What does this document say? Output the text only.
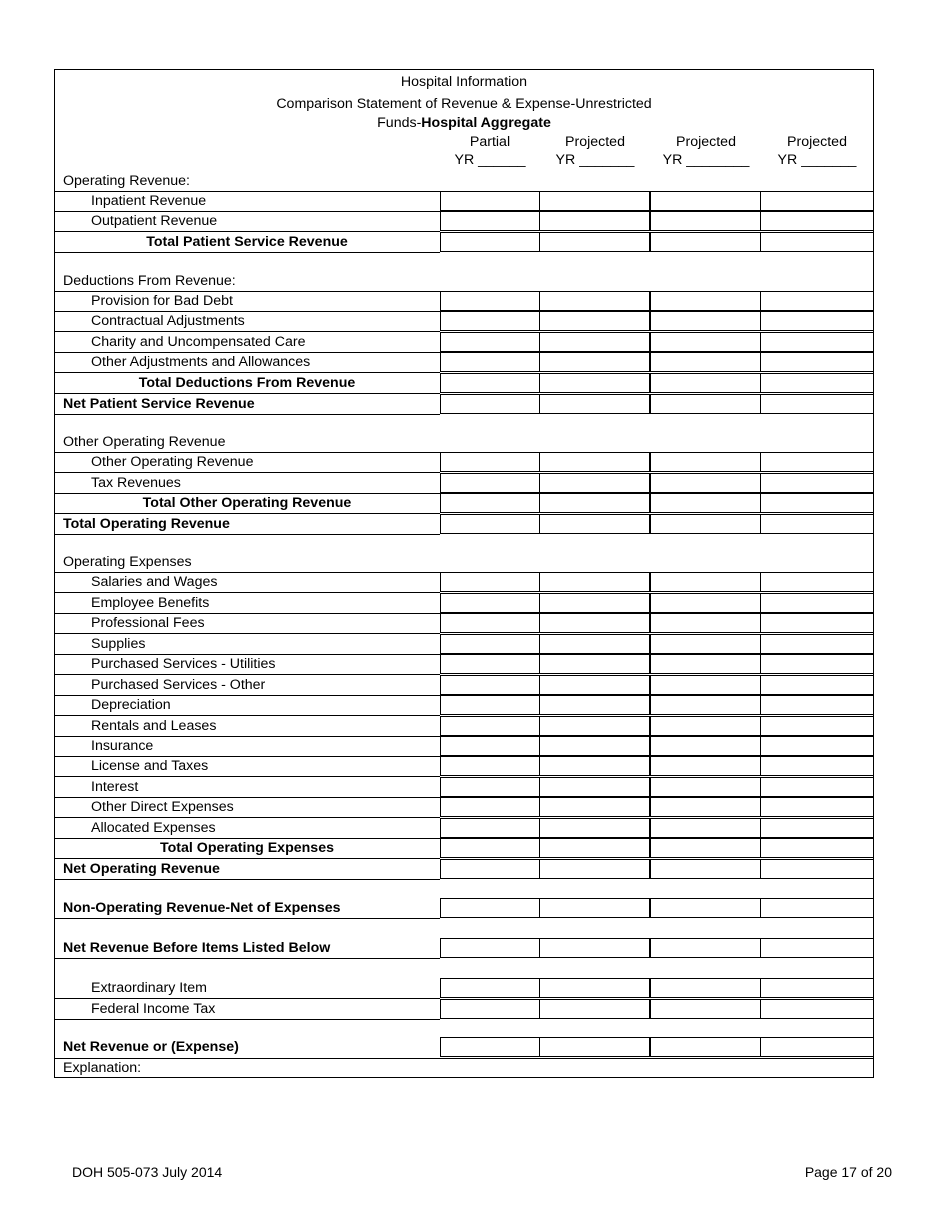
Hospital Information
Comparison Statement of Revenue & Expense-Unrestricted
Funds-Hospital Aggregate
Partial
YR ______
Projected
YR _______
Projected
YR ________
Projected
YR _______
Operating Revenue:
Inpatient Revenue
Outpatient Revenue
Total Patient Service Revenue
Deductions From Revenue:
Provision for Bad Debt
Contractual Adjustments
Charity and Uncompensated Care
Other Adjustments and Allowances
Total Deductions From Revenue
Net Patient Service Revenue
Other Operating Revenue
Other Operating Revenue
Tax Revenues
Total Other Operating Revenue
Total Operating Revenue
Operating Expenses
Salaries and Wages
Employee Benefits
Professional Fees
Supplies
Purchased Services - Utilities
Purchased Services - Other
Depreciation
Rentals and Leases
Insurance
License and Taxes
Interest
Other Direct Expenses
Allocated Expenses
Total Operating Expenses
Net Operating Revenue
Non-Operating Revenue-Net of Expenses
Net Revenue Before Items Listed Below
Extraordinary Item
Federal Income Tax
Net Revenue or (Expense)
Explanation:
DOH 505-073 July 2014	Page 17 of 20
